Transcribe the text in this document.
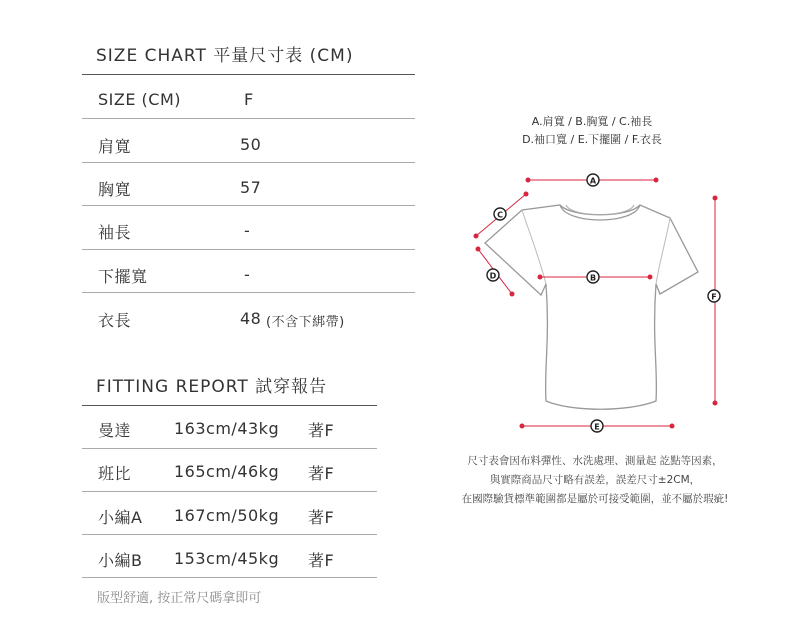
SIZE CHART 平量尺寸表 (CM)
SIZE (CM)	F
肩寬	50
胸寬	57
袖長	-
下擺寬	-
衣長	48 (不含下綁帶)
FITTING REPORT 試穿報告
曼達	163cm/43kg 著F
班比	165cm/46kg 著F
小編A 167cm/50kg 著F
小編B 153cm/45kg 著F
版型舒適, 按正常尺碼拿即可
A.肩寬 / B.胸寬 / C.袖長
D.袖口寬 / E.下擺圍 / F.衣長
A
B
C
D
E
F
尺寸表會因布料彈性、水洗處理、測量起 訖點等因素，
與實際商品尺寸略有誤差，誤差尺寸±2CM，
在國際驗貨標準範圍都是屬於可接受範圍，並不屬於瑕疵!
